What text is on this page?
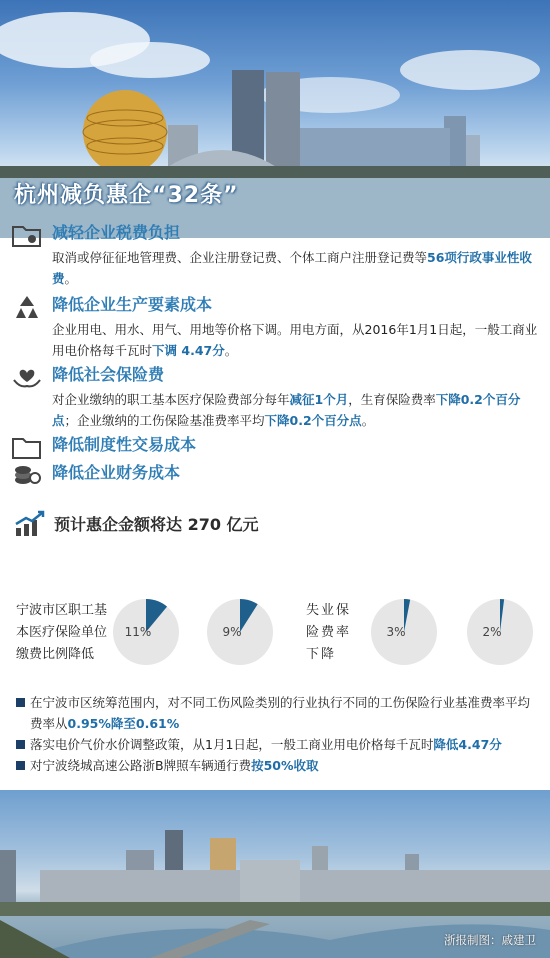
杭州减负惠企“32条”
减轻企业税费负担
取消或停征征地管理费、企业注册登记费、个体工商户注册登记费等56项行政事业性收费。
降低企业生产要素成本
企业用电、用水、用气、用地等价格下调。用电方面，从2016年1月1日起，一般工商业用电价格每千瓦时下调 4.47分。
降低社会保险费
对企业缴纳的职工基本医疗保险费部分每年减征1个月，生育保险费率下降0.2个百分点；企业缴纳的工伤保险基准费率平均下降0.2个百分点。
降低制度性交易成本
降低企业财务成本
预计惠企金额将达 270 亿元
宁波市区职工基本医疗保险单位缴费比例降低
失业保险费率下降
11%	9%	3%	2%
在宁波市区统筹范围内，对不同工伤风险类别的行业执行不同的工伤保险行业基准费率平均费率从0.95%降至0.61%
落实电价气价水价调整政策，从1月1日起，一般工商业用电价格每千瓦时降低4.47分
对宁波绕城高速公路浙B牌照车辆通行费按50%收取
浙报制图：戚建卫
